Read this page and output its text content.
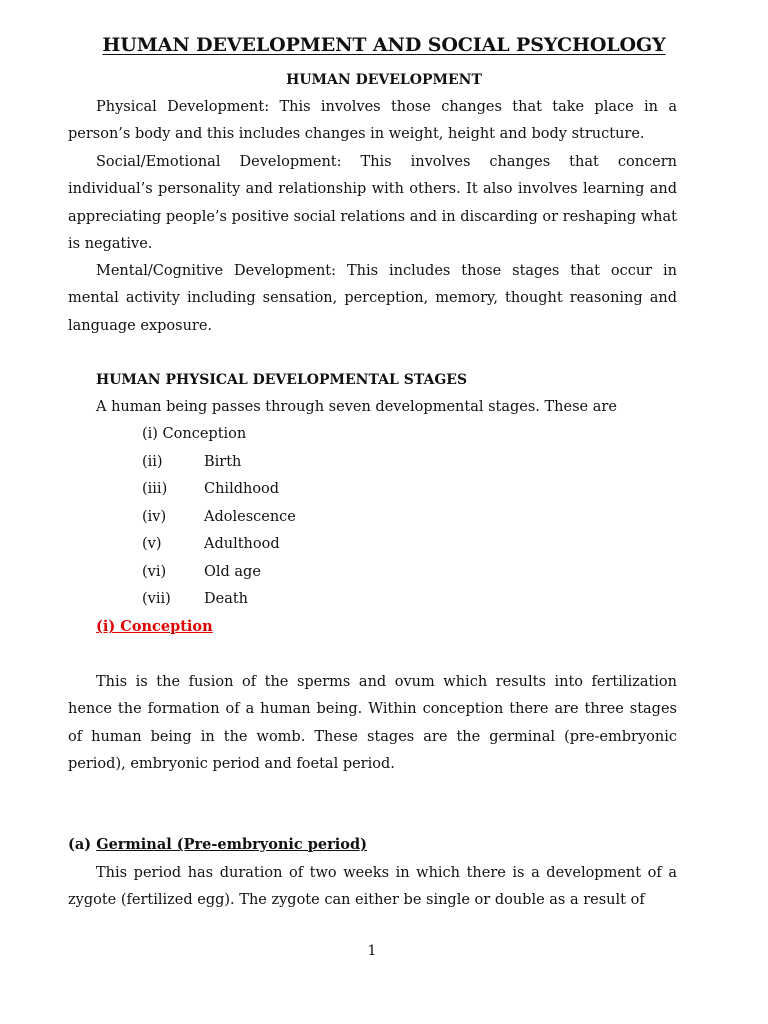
HUMAN DEVELOPMENT AND SOCIAL PSYCHOLOGY
HUMAN DEVELOPMENT

Physical Development: This involves those changes that take place in a person’s body and this includes changes in weight, height and body structure.

Social/Emotional Development: This involves changes that concern individual’s personality and relationship with others. It also involves learning and appreciating people’s positive social relations and in discarding or reshaping what is negative.

Mental/Cognitive Development: This includes those stages that occur in mental activity including sensation, perception, memory, thought reasoning and language exposure.

HUMAN PHYSICAL DEVELOPMENTAL STAGES
A human being passes through seven developmental stages. These are
(i) Conception
(ii)	Birth
(iii)	Childhood
(iv)	Adolescence
(v)	Adulthood
(vi)	Old age
(vii) Death
(i) Conception

This is the fusion of the sperms and ovum which results into fertilization hence the formation of a human being. Within conception there are three stages of human being in the womb. These stages are the germinal (pre-embryonic period), embryonic period and foetal period.

(a) Germinal (Pre-embryonic period)

This period has duration of two weeks in which there is a development of a zygote (fertilized egg). The zygote can either be single or double as a result of

1
